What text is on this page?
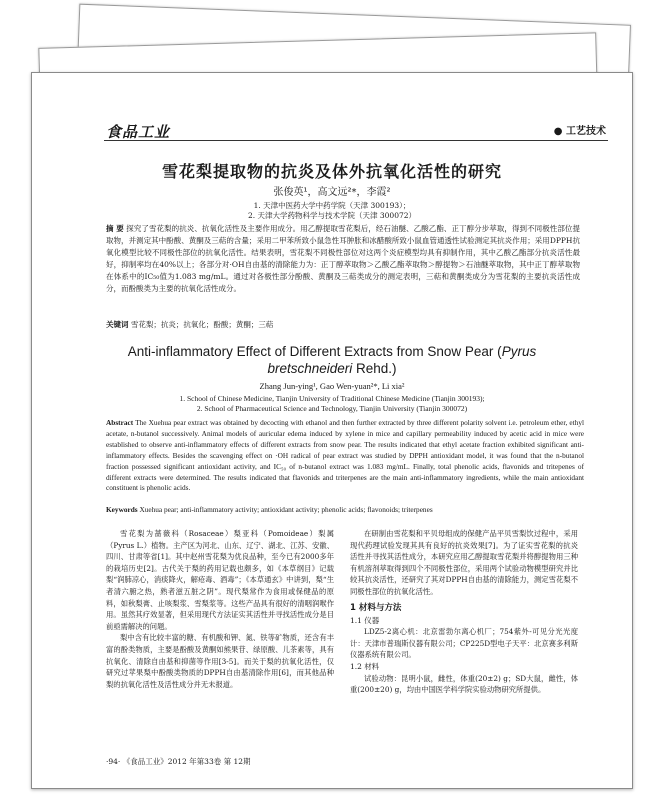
食品工业	● 工艺技术
雪花梨提取物的抗炎及体外抗氧化活性的研究
张俊英¹，高文远²*，李霞²
1. 天津中医药大学中药学院（天津 300193）；
2. 天津大学药物科学与技术学院（天津 300072）
摘 要 探究了雪花梨的抗炎、抗氧化活性及主要作用成分。用乙醇提取雪花梨后，经石油醚、乙酸乙酯、正丁醇分步萃取，得到不同极性部位提取物，并测定其中酚酸、黄酮及三萜的含量；采用二甲苯所致小鼠急性耳肿胀和冰醋酸所致小鼠血管通透性试验测定其抗炎作用；采用DPPH抗氧化模型比较不同极性部位的抗氧化活性。结果表明，雪花梨不同极性部位对这两个炎症模型均具有抑制作用，其中乙酸乙酯部分抗炎活性最好，抑制率均在40%以上；各部分对·OH自由基的清除能力为：正丁醇萃取物＞乙酸乙酯萃取物＞醇提物＞石油醚萃取物，其中正丁醇萃取物在体系中的IC₅₀值为1.083 mg/mL。通过对各极性部分酚酸、黄酮及三萜类成分的测定表明，三萜和黄酮类成分为雪花梨的主要抗炎活性成分，而酚酸类为主要的抗氧化活性成分。
关键词 雪花梨；抗炎；抗氧化；酚酸；黄酮；三萜
Anti-inflammatory Effect of Different Extracts from Snow Pear (Pyrus
bretschneideri Rehd.)
Zhang Jun-ying¹, Gao Wen-yuan²*, Li xia²
1. School of Chinese Medicine, Tianjin University of Traditional Chinese Medicine (Tianjin 300193);
2. School of Pharmaceutical Science and Technology, Tianjin University (Tianjin 300072)
Abstract The Xuehua pear extract was obtained by decocting with ethanol and then further extracted by three different polarity solvent i.e. petroleum ether, ethyl acetate, n-butanol successively. Animal models of auricular edema induced by xylene in mice and capillary permeability induced by acetic acid in mice were established to observe anti-inflammatory effects of different extracts from snow pear. The results indicated that ethyl acetate fraction exhibited significant anti-inflammatory effects. Besides the scavenging effect on ·OH radical of pear extract was studied by DPPH antioxidant model, it was found that the n-butanol fraction possessed significant antioxidant activity, and IC₅₀ of n-butanol extract was 1.083 mg/mL. Finally, total phenolic acids, flavonids and tritepenes of different extracts were determined. The results indicated that flavonids and triterpenes are the main anti-inflammatory ingredients, while the main antioxidant constituent is phenolic acids.
Keywords Xuehua pear; anti-inflammatory activity; antioxidant activity; phenolic acids; flavonoids; triterpenes

雪花梨为蔷薇科（Rosaceae）梨亚科（Pomoideae）梨属（Pyrus L.）植物。主产区为河北、山东、辽宁、湖北、江苏、安徽、四川、甘肃等省[1]。其中赵州雪花梨为优良品种，至今已有2000多年的栽培历史[2]。古代关于梨的药用记载也颇多，如《本草纲目》记载梨“润肺凉心，消痰降火，解疮毒、酒毒”；《本草通玄》中讲到，梨“生者清六腑之热，熟者滋五脏之阴”。现代梨常作为食用或保健品的原料，如秋梨膏、止咳梨浆、雪梨浆等。这些产品具有很好的清咽润喉作用。虽然其疗效显著，但采用现代方法证实其活性并寻找活性成分是目前亟需解决的问题。

梨中含有比较丰富的糖、有机酸和钾、氮、铁等矿物质，还含有丰富的酚类物质，主要是酚酸及黄酮如熊果苷、绿原酸、儿茶素等，具有抗氧化、清除自由基和抑菌等作用[3-5]。而关于梨的抗氧化活性，仅研究过苹果梨中酚酸类物质的DPPH自由基清除作用[6]，而其他品种梨的抗氧化活性及活性成分并无未报道。

在研制由雪花梨和平贝母组成的保健产品平贝雪梨饮过程中，采用现代药理试验发现其具有良好的抗炎效果[7]。为了证实雪花梨的抗炎活性并寻找其活性成分，本研究应用乙醇提取雪花梨并将醇提物用三种有机溶剂萃取得到四个不同极性部位，采用两个试验动物模型研究并比较其抗炎活性，还研究了其对DPPH自由基的清除能力，测定雪花梨不同极性部位的抗氧化活性。

1 材料与方法

1.1 仪器

LDZ5-2离心机：北京雷勃尔离心机厂；754紫外-可见分光光度计：天津市普瑞斯仪器有限公司；CP225D型电子天平：北京赛多利斯仪器系统有限公司。

1.2 材料

试验动物：昆明小鼠，雌性，体重(20±2) g；SD大鼠，雌性，体重(200±20) g，均由中国医学科学院实验动物研究所提供。

·94· 《食品工业》2012 年第33卷 第 12期
